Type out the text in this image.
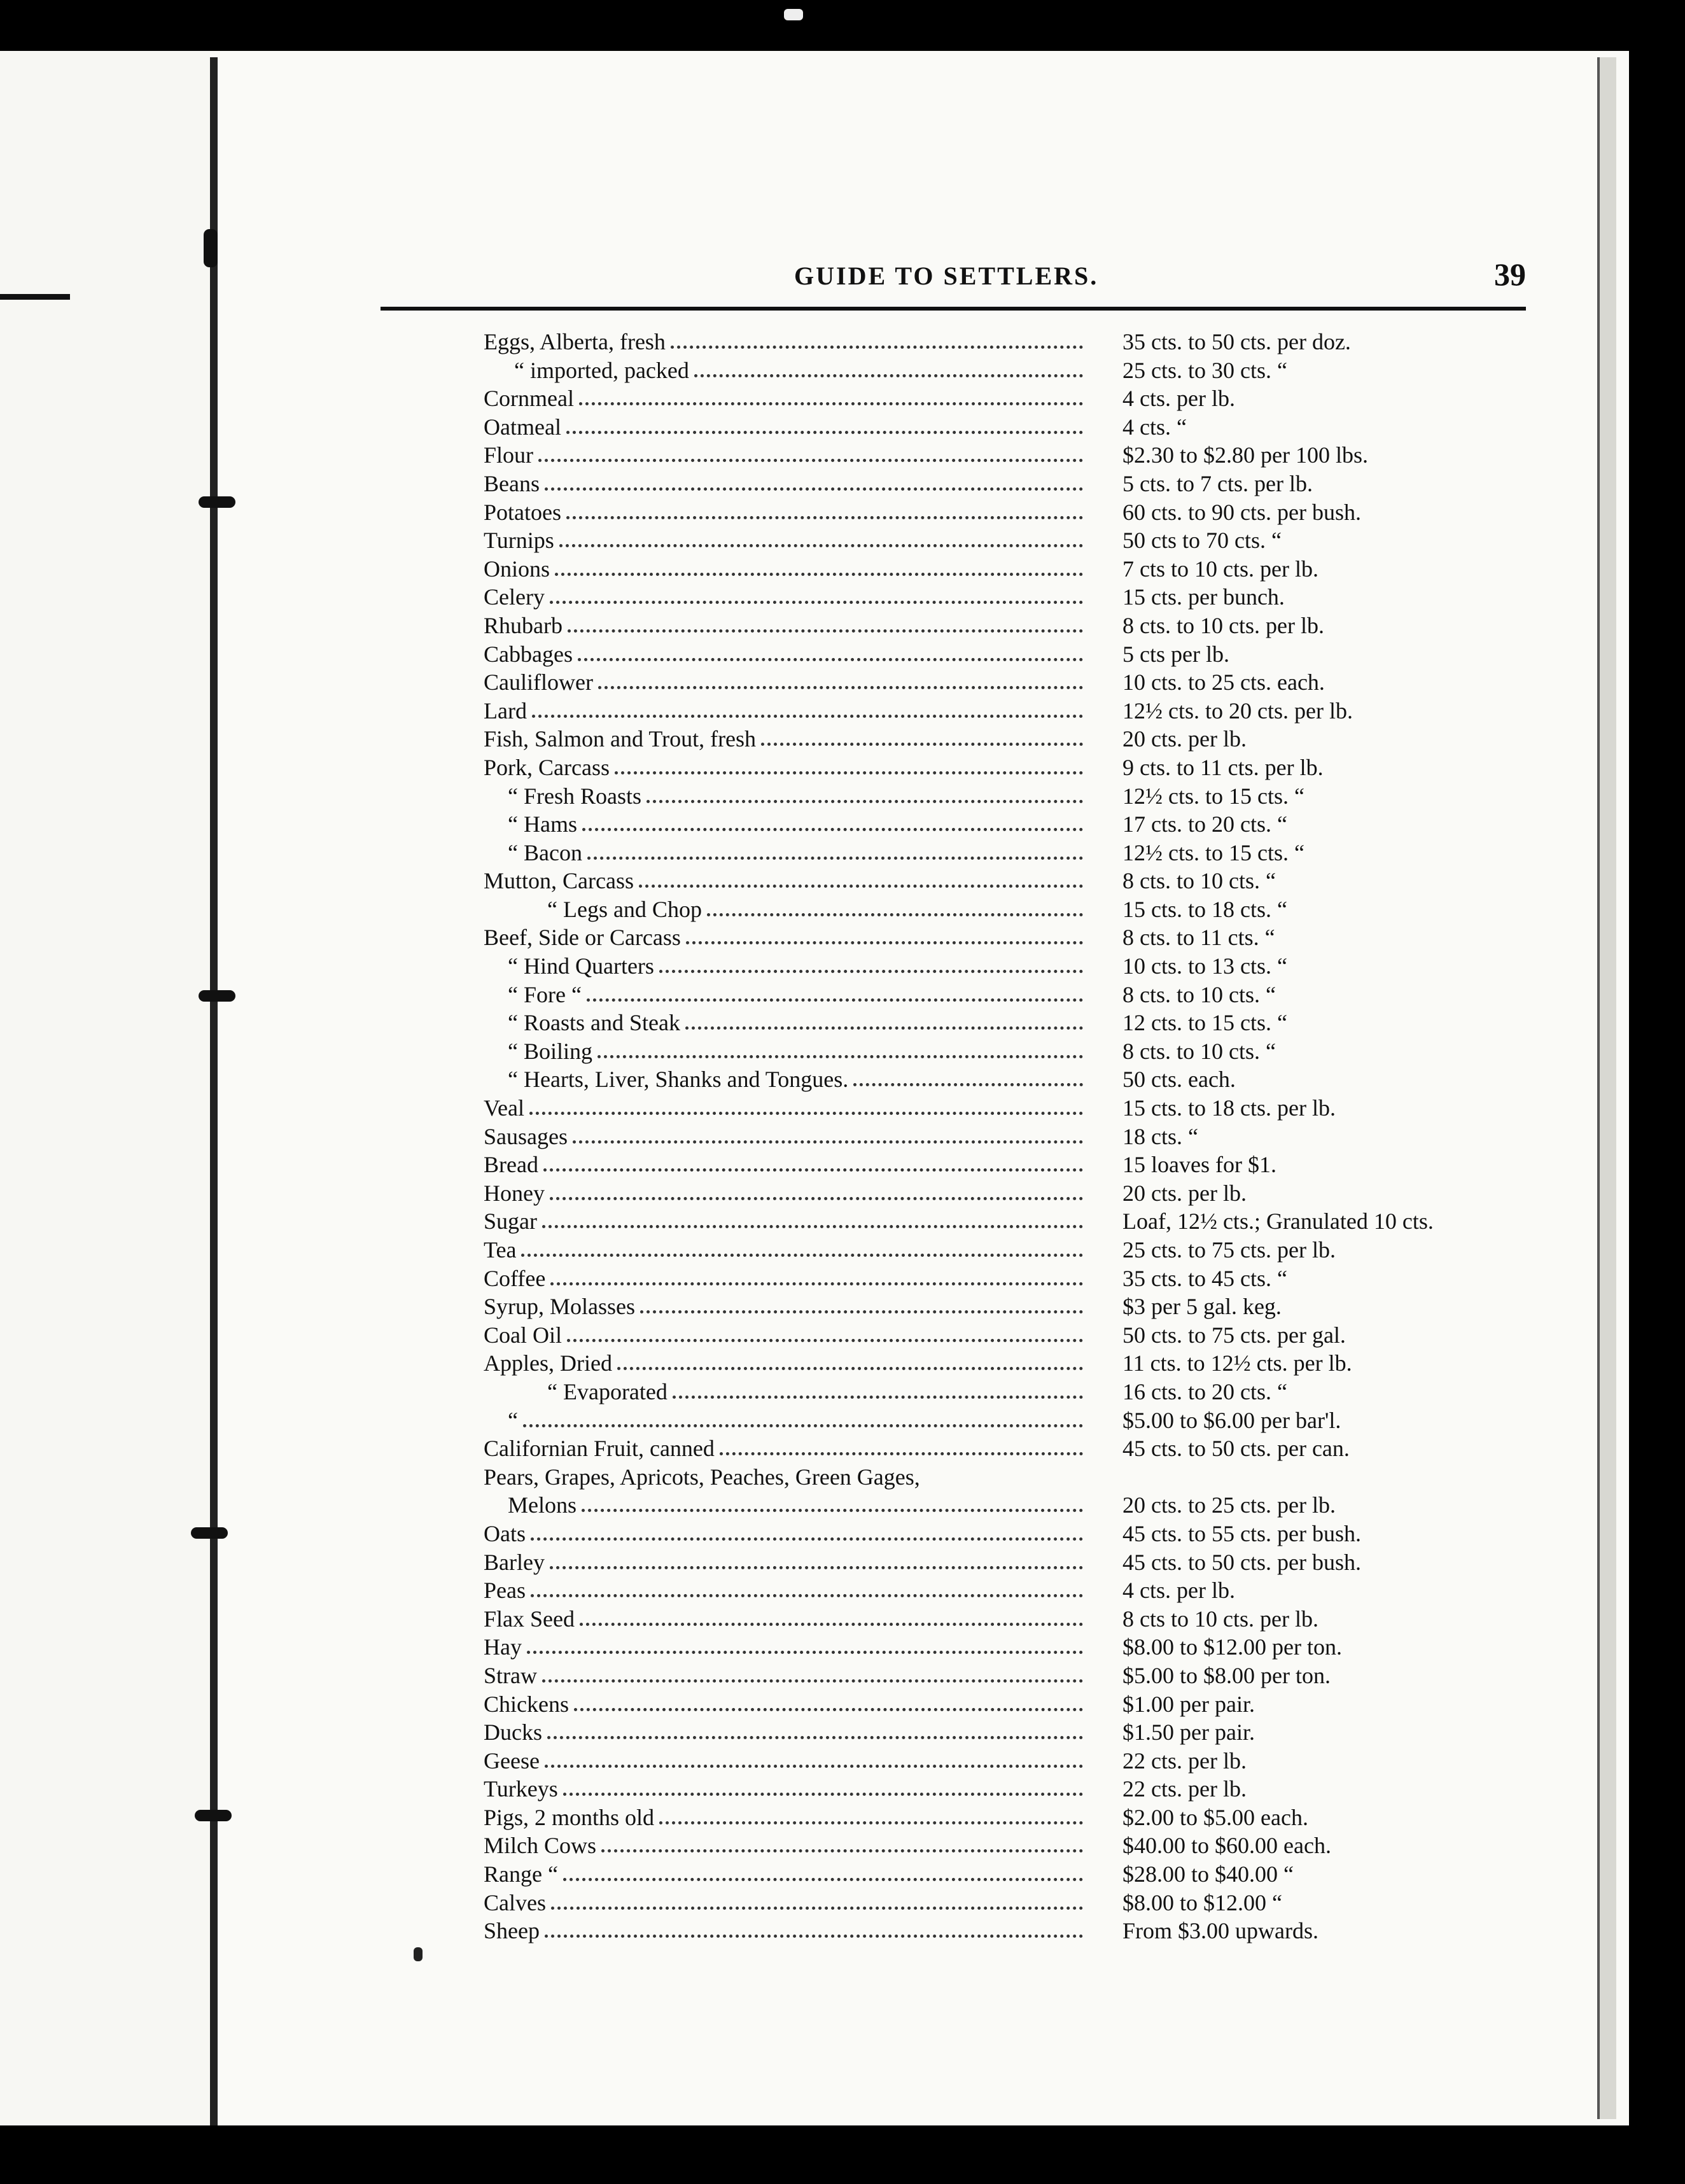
GUIDE TO SETTLERS.	39
Eggs, Alberta, fresh	35 cts. to 50 cts. per doz.
“ imported, packed	25 cts. to 30 cts. “
Cornmeal	4 cts. per lb.
Oatmeal	4 cts. “
Flour	$2.30 to $2.80 per 100 lbs.
Beans	5 cts. to 7 cts. per lb.
Potatoes	60 cts. to 90 cts. per bush.
Turnips	50 cts to 70 cts. “
Onions	7 cts to 10 cts. per lb.
Celery	15 cts. per bunch.
Rhubarb	8 cts. to 10 cts. per lb.
Cabbages	5 cts per lb.
Cauliflower	10 cts. to 25 cts. each.
Lard	12½ cts. to 20 cts. per lb.
Fish, Salmon and Trout, fresh	20 cts. per lb.
Pork, Carcass	9 cts. to 11 cts. per lb.
“ Fresh Roasts	12½ cts. to 15 cts. “
“ Hams	17 cts. to 20 cts. “
“ Bacon	12½ cts. to 15 cts. “
Mutton, Carcass	8 cts. to 10 cts. “
“ Legs and Chop	15 cts. to 18 cts. “
Beef, Side or Carcass	8 cts. to 11 cts. “
“ Hind Quarters	10 cts. to 13 cts. “
“ Fore “	8 cts. to 10 cts. “
“ Roasts and Steak	12 cts. to 15 cts. “
“ Boiling	8 cts. to 10 cts. “
“ Hearts, Liver, Shanks and Tongues.	50 cts. each.
Veal	15 cts. to 18 cts. per lb.
Sausages	18 cts. “
Bread	15 loaves for $1.
Honey	20 cts. per lb.
Sugar	Loaf, 12½ cts.; Granulated 10 cts.
Tea	25 cts. to 75 cts. per lb.
Coffee	35 cts. to 45 cts. “
Syrup, Molasses	$3 per 5 gal. keg.
Coal Oil	50 cts. to 75 cts. per gal.
Apples, Dried	11 cts. to 12½ cts. per lb.
“ Evaporated	16 cts. to 20 cts. “
“	$5.00 to $6.00 per bar'l.
Californian Fruit, canned	45 cts. to 50 cts. per can.
Pears, Grapes, Apricots, Peaches, Green Gages,
Melons	20 cts. to 25 cts. per lb.
Oats	45 cts. to 55 cts. per bush.
Barley	45 cts. to 50 cts. per bush.
Peas	4 cts. per lb.
Flax Seed	8 cts to 10 cts. per lb.
Hay	$8.00 to $12.00 per ton.
Straw	$5.00 to $8.00 per ton.
Chickens	$1.00 per pair.
Ducks	$1.50 per pair.
Geese	22 cts. per lb.
Turkeys	22 cts. per lb.
Pigs, 2 months old	$2.00 to $5.00 each.
Milch Cows	$40.00 to $60.00 each.
Range “	$28.00 to $40.00 “
Calves	$8.00 to $12.00 “
Sheep	From $3.00 upwards.
